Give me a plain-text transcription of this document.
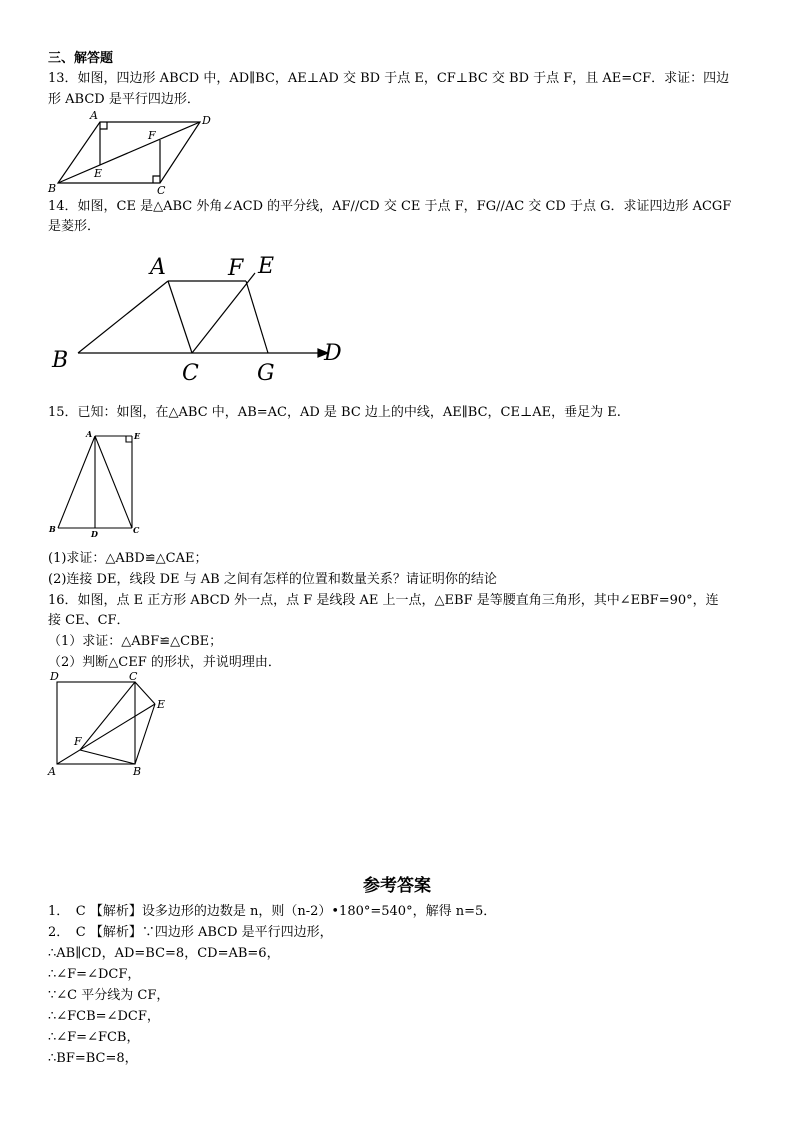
三、解答题
13．如图，四边形 ABCD 中，AD∥BC，AE⊥AD 交 BD 于点 E，CF⊥BC 交 BD 于点 F，且 AE=CF．求证：四边
形 ABCD 是平行四边形．
A	D
B	C
E
F
14．如图，CE 是△ABC 外角∠ACD 的平分线，AF//CD 交 CE 于点 F，FG//AC 交 CD 于点 G．求证四边形 ACGF
是菱形．
A	F E
B
C	G
D
15．已知：如图，在△ABC 中，AB=AC，AD 是 BC 边上的中线，AE∥BC，CE⊥AE，垂足为 E.
A	E
B	D	C
(1)求证：△ABD≌△CAE；
(2)连接 DE，线段 DE 与 AB 之间有怎样的位置和数量关系？请证明你的结论
16．如图，点 E 正方形 ABCD 外一点，点 F 是线段 AE 上一点，△EBF 是等腰直角三角形，其中∠EBF=90°，连
接 CE、CF．
（1）求证：△ABF≌△CBE；
（2）判断△CEF 的形状，并说明理由．
D	C
E
F
A	B
参考答案
1．　C 【解析】设多边形的边数是 n，则（n-2）•180°=540°，解得 n=5．
2．　C 【解析】∵四边形 ABCD 是平行四边形，
∴AB∥CD，AD=BC=8，CD=AB=6，
∴∠F=∠DCF，
∵∠C 平分线为 CF，
∴∠FCB=∠DCF，
∴∠F=∠FCB，
∴BF=BC=8，
